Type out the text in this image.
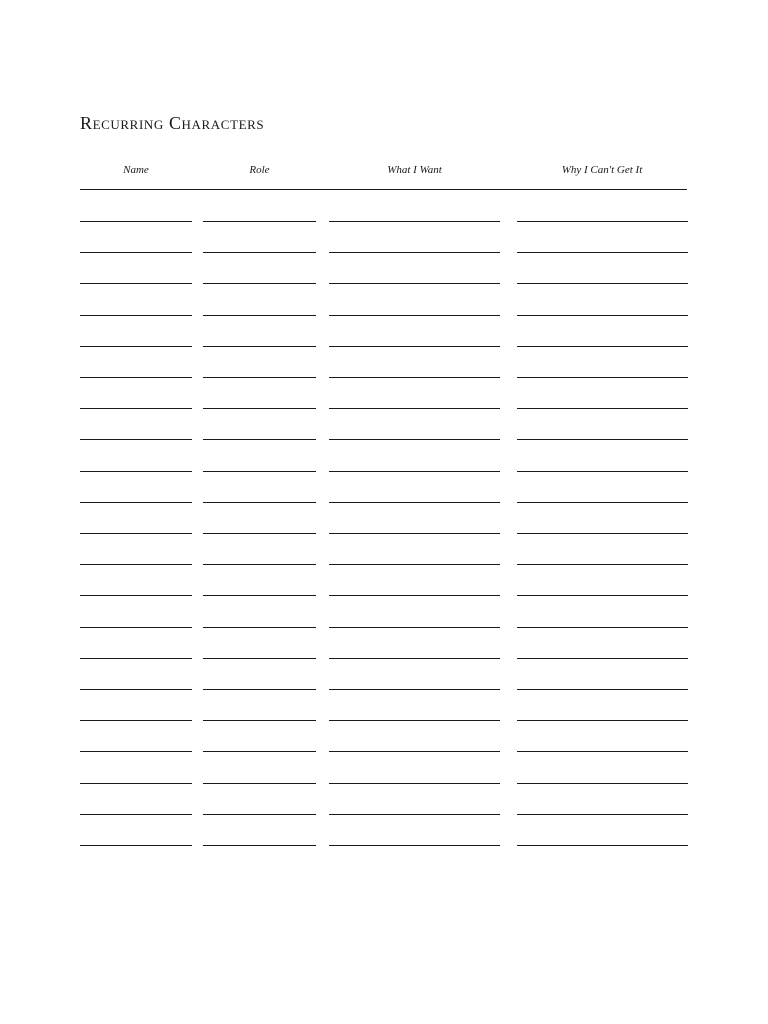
Recurring Characters
Name	Role	What I Want	Why I Can't Get It
